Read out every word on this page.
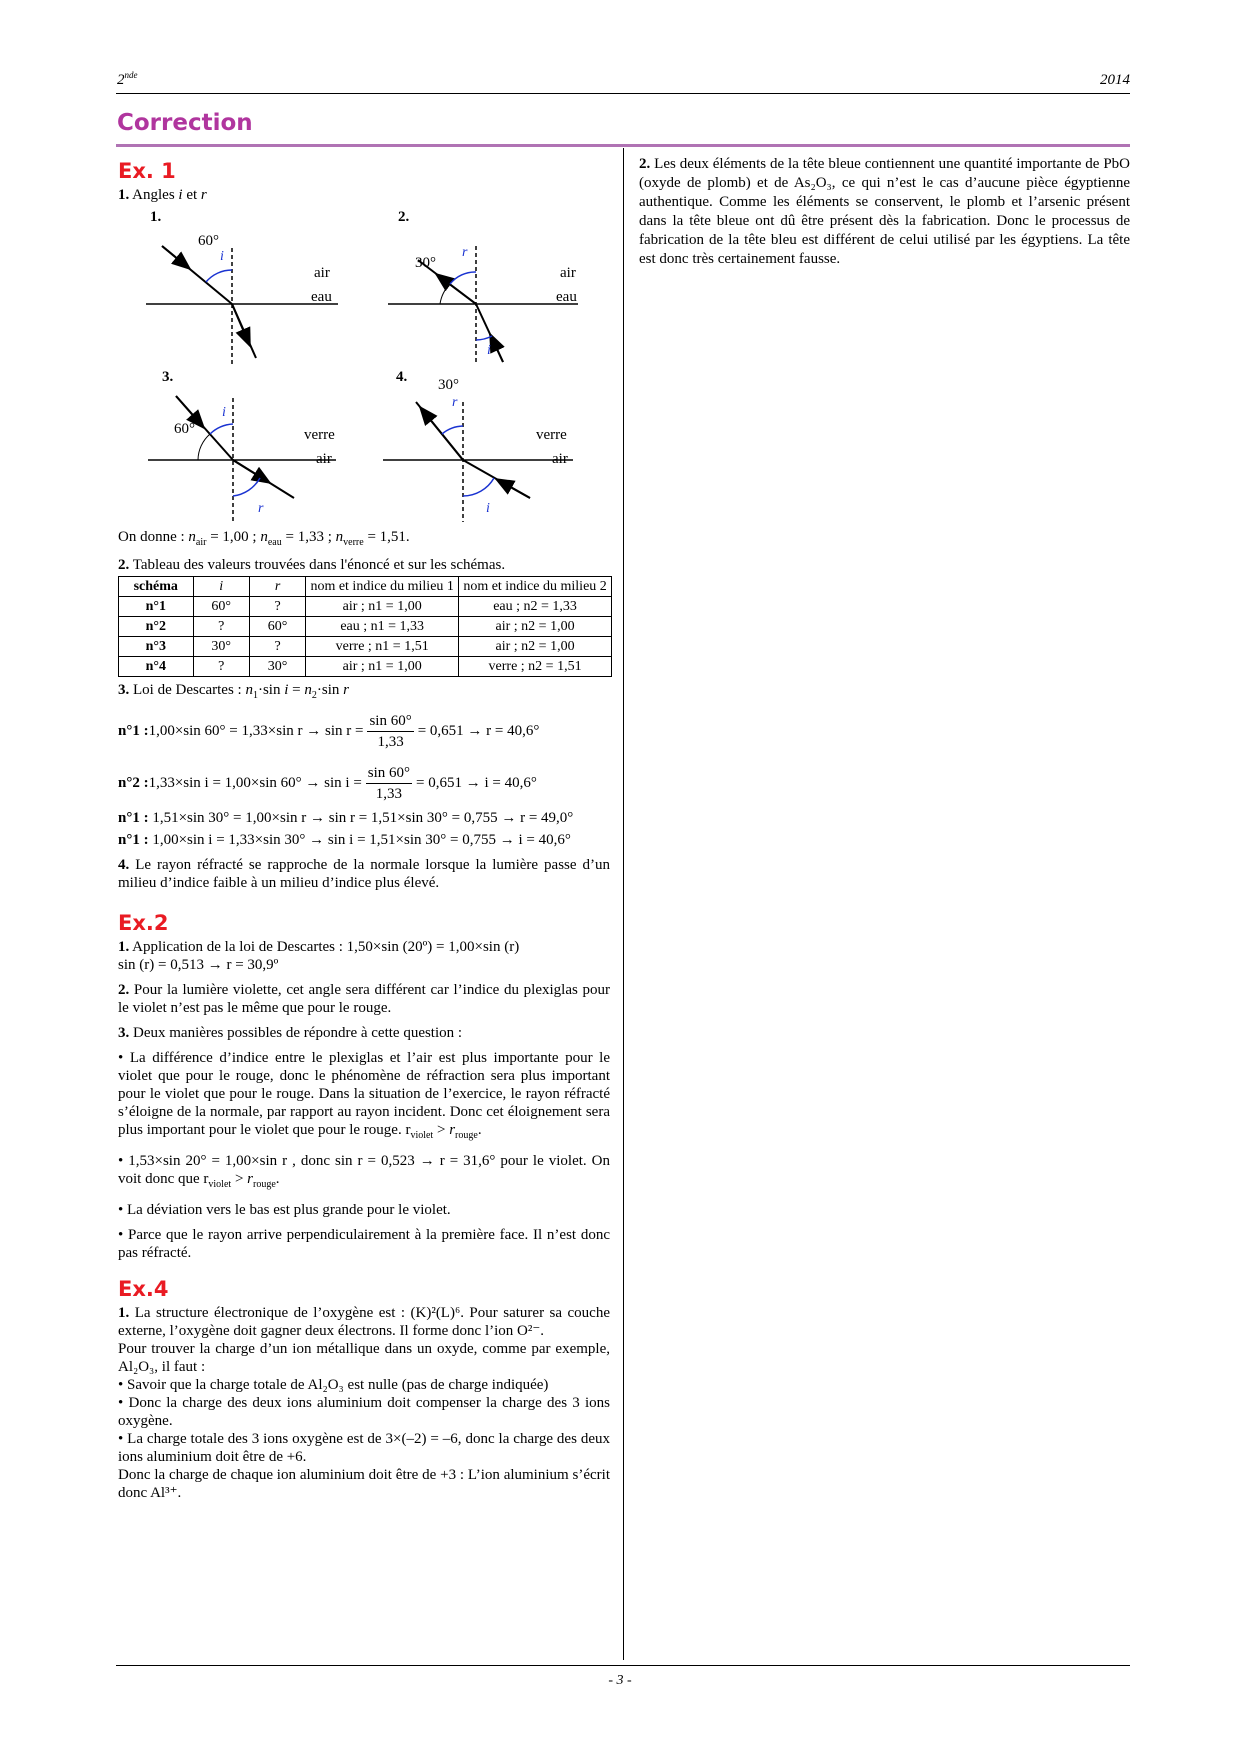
2nde	2014
Correction
Ex. 1

1. Angles i et r

1.
60°
i
air
eau
2.
30°
r
air
eau
i
3.
60°
i
verre
air
r
4. 30°
r
verre
air
i

On donne : $n_{air} = 1,00$ ; $n_{eau} = 1,33$ ; $n_{verre} = 1,51$.

2. Tableau des valeurs trouvées dans l'énoncé et sur les schémas.

schéma	i	r	nom et indice du milieu 1	nom et indice du milieu 2
n°1	60°	?	air ; n1 = 1,00	eau ; n2 = 1,33
n°2	?	60°	eau ; n1 = 1,33	air ; n2 = 1,00
n°3	30°	?	verre ; n1 = 1,51	air ; n2 = 1,00
n°4	?	30°	air ; n1 = 1,00	verre ; n2 = 1,51

3. Loi de Descartes : $n_1\cdot\sin$ $i = n_2\cdot\sin$ r

n°1 : 1,00×sin 60° = 1,33×sin $r \to \sin r = \frac{\sin 60^\circ}{1,33} = 0,651 \to r = 40,6^\circ$
n°2 : 1,33×sin i = 1,00×sin $60^\circ \to \sin i = \frac{\sin 60^\circ}{1,33} = 0,651 \to i = 40,6^\circ$

n°1 : 1,51×sin 30° = 1,00×sin r → sin r = 1,51×sin 30° = 0,755 → r = 49,0°

n°1 : 1,00×sin i = 1,33×sin 30° → sin i = 1,51×sin 30° = 0,755 → i = 40,6°

4. Le rayon réfracté se rapproche de la normale lorsque la lumière passe d’un milieu d’indice faible à un milieu d’indice plus élevé.

Ex.2

1. Application de la loi de Descartes : 1,50×sin (20º) = 1,00×sin (r)

sin (r) = 0,513 → r = 30,9º

2. Pour la lumière violette, cet angle sera différent car l’indice du plexiglas pour le violet n’est pas le même que pour le rouge.

3. Deux manières possibles de répondre à cette question :

• La différence d’indice entre le plexiglas et l’air est plus importante pour le violet que pour le rouge, donc le phénomène de réfraction sera plus important pour le violet que pour le rouge. Dans la situation de l’exercice, le rayon réfracté s’éloigne de la normale, par rapport au rayon incident. Donc cet éloignement sera plus important pour le violet que pour le rouge. $r_{violet} > r_{rouge}$.

• 1,53×sin 20° = 1,00×sin r , donc sin r = 0,523 → r = 31,6° pour le violet. On voit donc que $r_{violet} > r_{rouge}$.

• La déviation vers le bas est plus grande pour le violet.

• Parce que le rayon arrive perpendiculairement à la première face. Il n’est donc pas réfracté.

Ex.4

1. La structure électronique de l’oxygène est : (K)²(L)⁶. Pour saturer sa couche externe, l’oxygène doit gagner deux électrons. Il forme donc l’ion O²⁻.

Pour trouver la charge d’un ion métallique dans un oxyde, comme par exemple, Al₂O₃, il faut :

• Savoir que la charge totale de Al₂O₃ est nulle (pas de charge indiquée)

• Donc la charge des deux ions aluminium doit compenser la charge des 3 ions oxygène.

• La charge totale des 3 ions oxygène est de 3×(–2) = –6, donc la charge des deux ions aluminium doit être de +6.

Donc la charge de chaque ion aluminium doit être de +3 : L’ion aluminium s’écrit donc Al³⁺.

2. Les deux éléments de la tête bleue contiennent une quantité importante de PbO (oxyde de plomb) et de As₂O₃, ce qui n’est le cas d’aucune pièce égyptienne authentique. Comme les éléments se conservent, le plomb et l’arsenic présent dans la tête bleue ont dû être présent dès la fabrication. Donc le processus de fabrication de la tête bleu est différent de celui utilisé par les égyptiens. La tête est donc très certainement fausse.

- 3 -
